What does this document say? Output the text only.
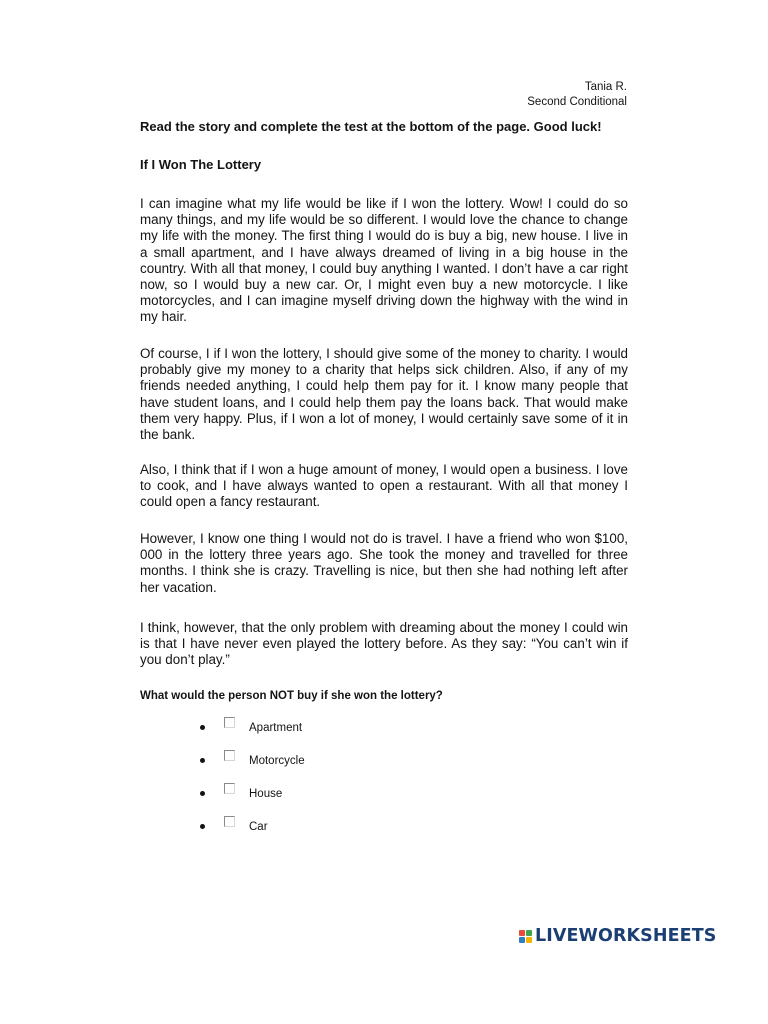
Tania R.
Second Conditional
Read the story and complete the test at the bottom of the page. Good luck!
If I Won The Lottery

I can imagine what my life would be like if I won the lottery. Wow! I could do so many things, and my life would be so different. I would love the chance to change my life with the money. The first thing I would do is buy a big, new house. I live in a small apartment, and I have always dreamed of living in a big house in the country. With all that money, I could buy anything I wanted. I don’t have a car right now, so I would buy a new car. Or, I might even buy a new motorcycle. I like motorcycles, and I can imagine myself driving down the highway with the wind in my hair.

Of course, I if I won the lottery, I should give some of the money to charity. I would probably give my money to a charity that helps sick children. Also, if any of my friends needed anything, I could help them pay for it. I know many people that have student loans, and I could help them pay the loans back. That would make them very happy. Plus, if I won a lot of money, I would certainly save some of it in the bank.

Also, I think that if I won a huge amount of money, I would open a business. I love to cook, and I have always wanted to open a restaurant. With all that money I could open a fancy restaurant.

However, I know one thing I would not do is travel. I have a friend who won $100, 000 in the lottery three years ago. She took the money and travelled for three months. I think she is crazy. Travelling is nice, but then she had nothing left after her vacation.

I think, however, that the only problem with dreaming about the money I could win is that I have never even played the lottery before. As they say: “You can’t win if you don’t play.”

What would the person NOT buy if she won the lottery?
Apartment
Motorcycle
House
Car
LIVEWORKSHEETS
